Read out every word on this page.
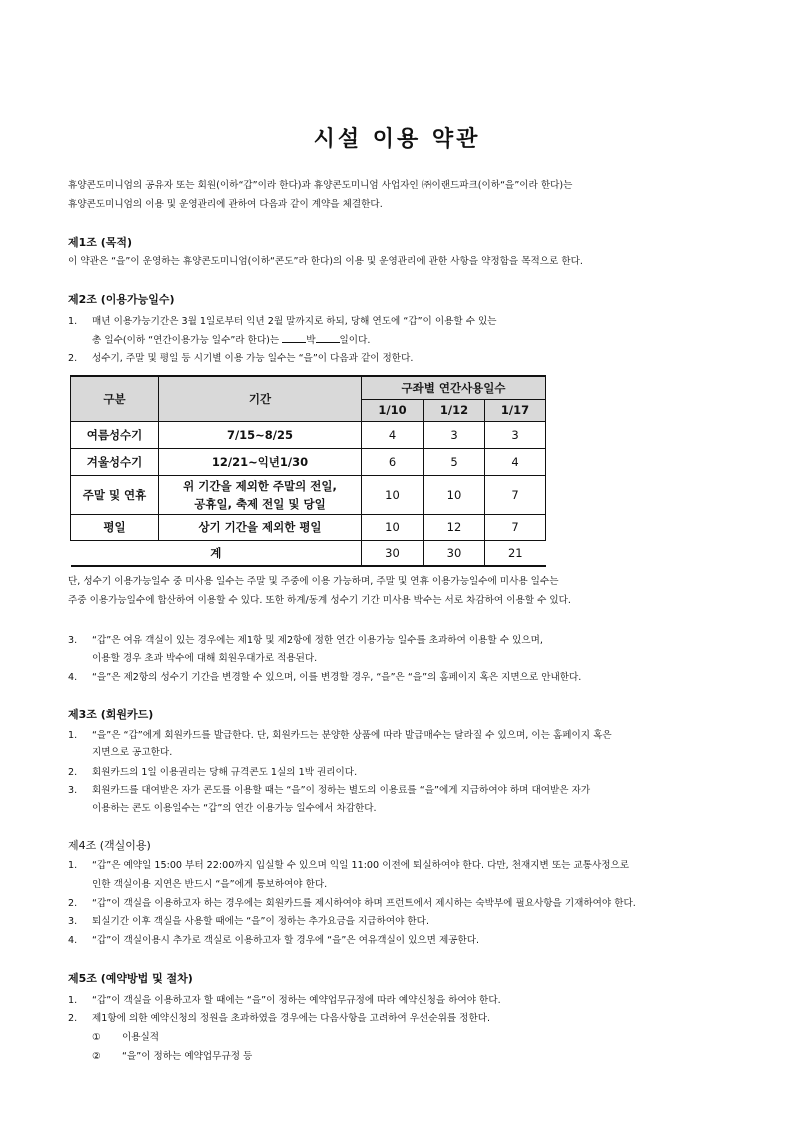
시설 이용 약관
휴양콘도미니엄의 공유자 또는 회원(이하“갑”이라 한다)과 휴양콘도미니엄 사업자인 ㈜이랜드파크(이하“을”이라 한다)는
휴양콘도미니엄의 이용 및 운영관리에 관하여 다음과 같이 계약을 체결한다.
제1조 (목적)
이 약관은 “을”이 운영하는 휴양콘도미니엄(이하“콘도”라 한다)의 이용 및 운영관리에 관한 사항을 약정함을 목적으로 한다.
제2조 (이용가능일수)
1. 매년 이용가능기간은 3월 1일로부터 익년 2월 말까지로 하되, 당해 연도에 “갑”이 이용할 수 있는
총 일수(이하 “연간이용가능 일수”라 한다)는	박	일이다.
2. 성수기, 주말 및 평일 등 시기별 이용 가능 일수는 “을”이 다음과 같이 정한다.
구분	기간	구좌별 연간사용일수		
		1/10	1/12	1/17
여름성수기	7/15~8/25	4	3	3
겨울성수기	12/21~익년1/30	6	5	4
주말 및 연휴	위 기간을 제외한 주말의 전일,
공휴일, 축제 전일 및 당일	10	10	7
평일	상기 기간을 제외한 평일	10	12	7
계		30	30	21
단, 성수기 이용가능일수 중 미사용 일수는 주말 및 주중에 이용 가능하며, 주말 및 연휴 이용가능일수에 미사용 일수는
주중 이용가능일수에 합산하여 이용할 수 있다. 또한 하계/동계 성수기 기간 미사용 박수는 서로 차감하여 이용할 수 있다.
3. “갑”은 여유 객실이 있는 경우에는 제1항 및 제2항에 정한 연간 이용가능 일수를 초과하여 이용할 수 있으며,
이용할 경우 초과 박수에 대해 회원우대가로 적용된다.
4. “을”은 제2항의 성수기 기간을 변경할 수 있으며, 이를 변경할 경우, “을”은 “을”의 홈페이지 혹은 지면으로 안내한다.
제3조 (회원카드)
1. “을”은 “갑”에게 회원카드를 발급한다. 단, 회원카드는 분양한 상품에 따라 발급매수는 달라질 수 있으며, 이는 홈페이지 혹은
지면으로 공고한다.
2. 회원카드의 1일 이용권리는 당해 규격콘도 1실의 1박 권리이다.
3. 회원카드를 대여받은 자가 콘도를 이용할 때는 “을”이 정하는 별도의 이용료를 “을”에게 지급하여야 하며 대여받은 자가
이용하는 콘도 이용일수는 “갑”의 연간 이용가능 일수에서 차감한다.
제4조 (객실이용)
1. “갑”은 예약일 15:00 부터 22:00까지 입실할 수 있으며 익일 11:00 이전에 퇴실하여야 한다. 다만, 천재지변 또는 교통사정으로
인한 객실이용 지연은 반드시 “을”에게 통보하여야 한다.
2. “갑”이 객실을 이용하고자 하는 경우에는 회원카드를 제시하여야 하며 프런트에서 제시하는 숙박부에 필요사항을 기재하여야 한다.
3. 퇴실기간 이후 객실을 사용할 때에는 “을”이 정하는 추가요금을 지급하여야 한다.
4. “갑”이 객실이용시 추가로 객실로 이용하고자 할 경우에 “을”은 여유객실이 있으면 제공한다.
제5조 (예약방법 및 절차)
1. “갑”이 객실을 이용하고자 할 때에는 “을”이 정하는 예약업무규정에 따라 예약신청을 하여야 한다.
2. 제1항에 의한 예약신청의 정원을 초과하였을 경우에는 다음사항을 고려하여 우선순위를 정한다.
① 이용실적
② “을”이 정하는 예약업무규정 등
